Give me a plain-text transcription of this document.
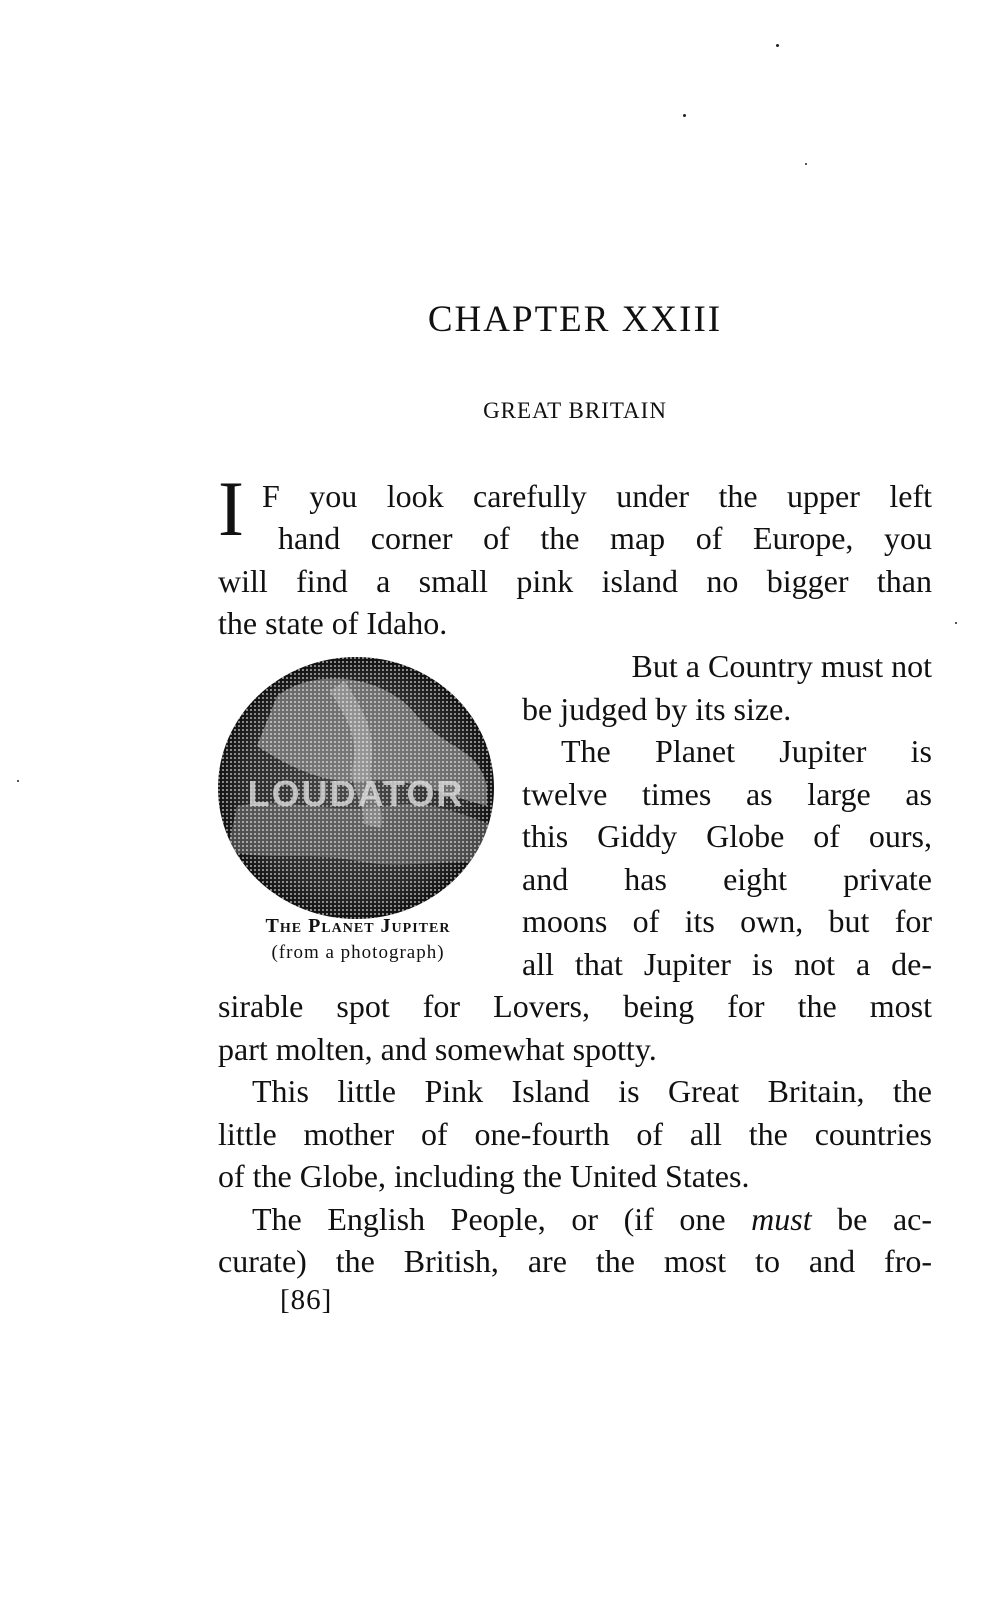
CHAPTER XXIII
GREAT BRITAIN
I F you look carefully under the upper left
hand corner of the map of Europe, you
will find a small pink island no bigger than
the state of Idaho.
LOUDATOR
The Planet Jupiter
(from a photograph)
But a Country must not
be judged by its size.
The Planet Jupiter is
twelve times as large as
this Giddy Globe of ours,
and has eight private
moons of its own, but for
all that Jupiter is not a de-
sirable spot for Lovers, being for the most
part molten, and somewhat spotty.
This little Pink Island is Great Britain, the
little mother of one-fourth of all the countries
of the Globe, including the United States.
The English People, or (if one must be ac-
curate) the British, are the most to and fro-
[86]
